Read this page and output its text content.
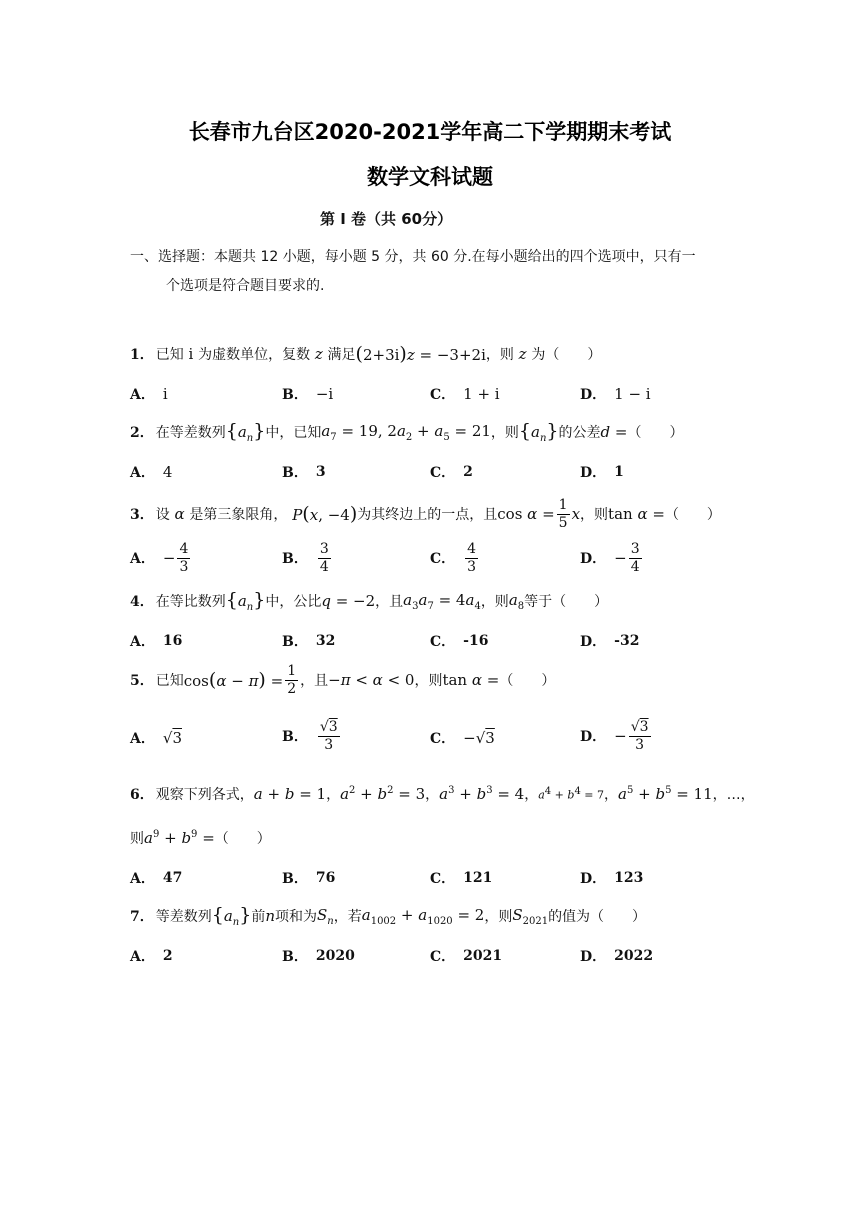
长春市九台区2020-2021学年高二下学期期末考试
数学文科试题
第 I 卷（共 60分）
一、选择题：本题共 12 小题，每小题 5 分，共 60 分.在每小题给出的四个选项中，只有一
个选项是符合题目要求的.
1． 已知 i 为虚数单位，复数 z 满足 (2+3i)z = −3+2i ，则 z 为（　　）
A． i	B． −i	C． 1 + i	D． 1 − i
2． 在等差数列 $\{a_n\}$ 中，已知 $a_7 = 19$, $2a_2 + a_5 = 21$ ，则 $\{a_n\}$ 的公差 d = （　　）
A． 4	B． 3	C． 2	D． 1
3． 设 α 是第三象限角， P(x, −4) 为其终边上的一点，且 $\cos \alpha = \frac{1}{5}$ x ，则 tan α = （　　）
A． − $\frac{4}{3}$	B． $\frac{3}{4}$	C． $\frac{4}{3}$	D． − $\frac{3}{4}$
4． 在等比数列 $\{a_n\}$ 中，公比 q = −2 ，且 $a_3a_7 = 4a_4$ ，则 $a_8$ 等于（　　）
A． 16	B． 32	C． -16	D． -32
5． 已知 $\cos(\alpha - \pi) = \frac{1}{2}$ ，且 −π < α < 0 ，则 tan α = （　　）
A． √3	B． $\frac{√3}{3}$	C． −√3	D． − $\frac{√3}{3}$
6． 观察下列各式， a + b = 1 ， $a^2 + b^2 = 3$ ， $a^3 + b^3 = 4$ ， $a^4 + b^4 = 7$ ， $a^5 + b^5 = 11$ ，…，
则 $a^9 + b^9$ = （　　）
A． 47	B． 76	C． 121	D． 123
7． 等差数列 $\{a_n\}$ 前 n 项和为 $S_n$ ，若 $a_{1002} + a_{1020} = 2$ ，则 $S_{2021}$ 的值为（　　）
A． 2	B． 2020	C． 2021	D． 2022
